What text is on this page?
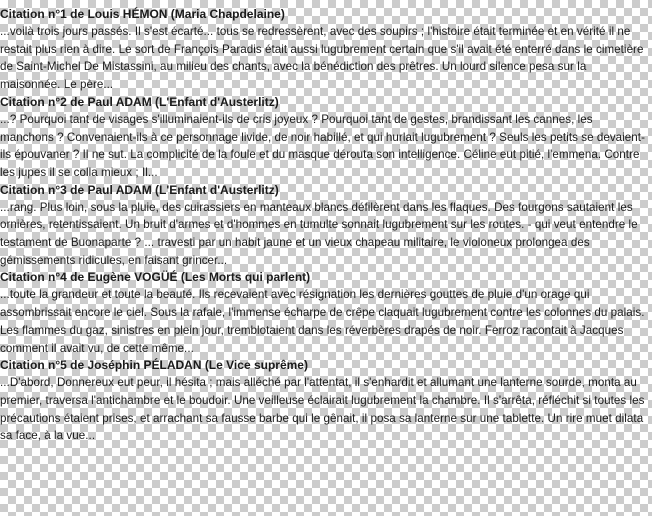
Citation n°1 de Louis HÉMON (Maria Chapdelaine)

...voilà trois jours passés. Il s'est écarté... tous se redressèrent, avec des soupirs ; l'histoire était terminée et en vérité il ne restait plus rien à dire. Le sort de François Paradis était aussi lugubrement certain que s'il avait été enterré dans le cimetière de Saint-Michel De Mistassini, au milieu des chants, avec la bénédiction des prêtres. Un lourd silence pesa sur la maisonnée. Le père...

Citation n°2 de Paul ADAM (L'Enfant d'Austerlitz)

...? Pourquoi tant de visages s'illuminaient-ils de cris joyeux ? Pourquoi tant de gestes, brandissant les cannes, les manchons ? Convenaient-ils à ce personnage livide, de noir habillé, et qui hurlait lugubrement ? Seuls les petits se devaient-ils épouvaner ? Il ne sut. La complicité de la foule et du masque dérouta son intelligence. Céline eut pitié, l'emmena. Contre les jupes il se colla mieux ; Il...

Citation n°3 de Paul ADAM (L'Enfant d'Austerlitz)

...rang. Plus loin, sous la pluie, des cuirassiers en manteaux blancs défilèrent dans les flaques. Des fourgons sautaient les ornières, retentissaient. Un bruit d'armes et d'hommes en tumulte sonnait lugubrement sur les routes. - qui veut entendre le testament de Buonaparte ? ... travesti par un habit jaune et un vieux chapeau militaire, le violoneux prolongea des gémissements ridicules, en faisant grincer...

Citation n°4 de Eugène VOGÜÉ (Les Morts qui parlent)

...toute la grandeur et toute la beauté. Ils recevaient avec résignation les dernières gouttes de pluie d'un orage qui assombrissait encore le ciel. Sous la rafale, l'immense écharpe de crêpe claquait lugubrement contre les colonnes du palais. Les flammes du gaz, sinistres en plein jour, tremblotaient dans les réverbères drapés de noir. Ferroz racontait à Jacques comment il avait vu, de cette même...

Citation n°5 de Joséphin PÉLADAN (Le Vice suprême)

...D'abord, Donnereux eut peur, il hésita ; mais alléché par l'attentat, il s'enhardit et allumant une lanterne sourde, monta au premier, traversa l'antichambre et le boudoir. Une veilleuse éclairait lugubrement la chambre. Il s'arrêta, réfléchit si toutes les précautions étaient prises, et arrachant sa fausse barbe qui le gênait, il posa sa lanterne sur une tablette. Un rire muet dilata sa face, à la vue...
